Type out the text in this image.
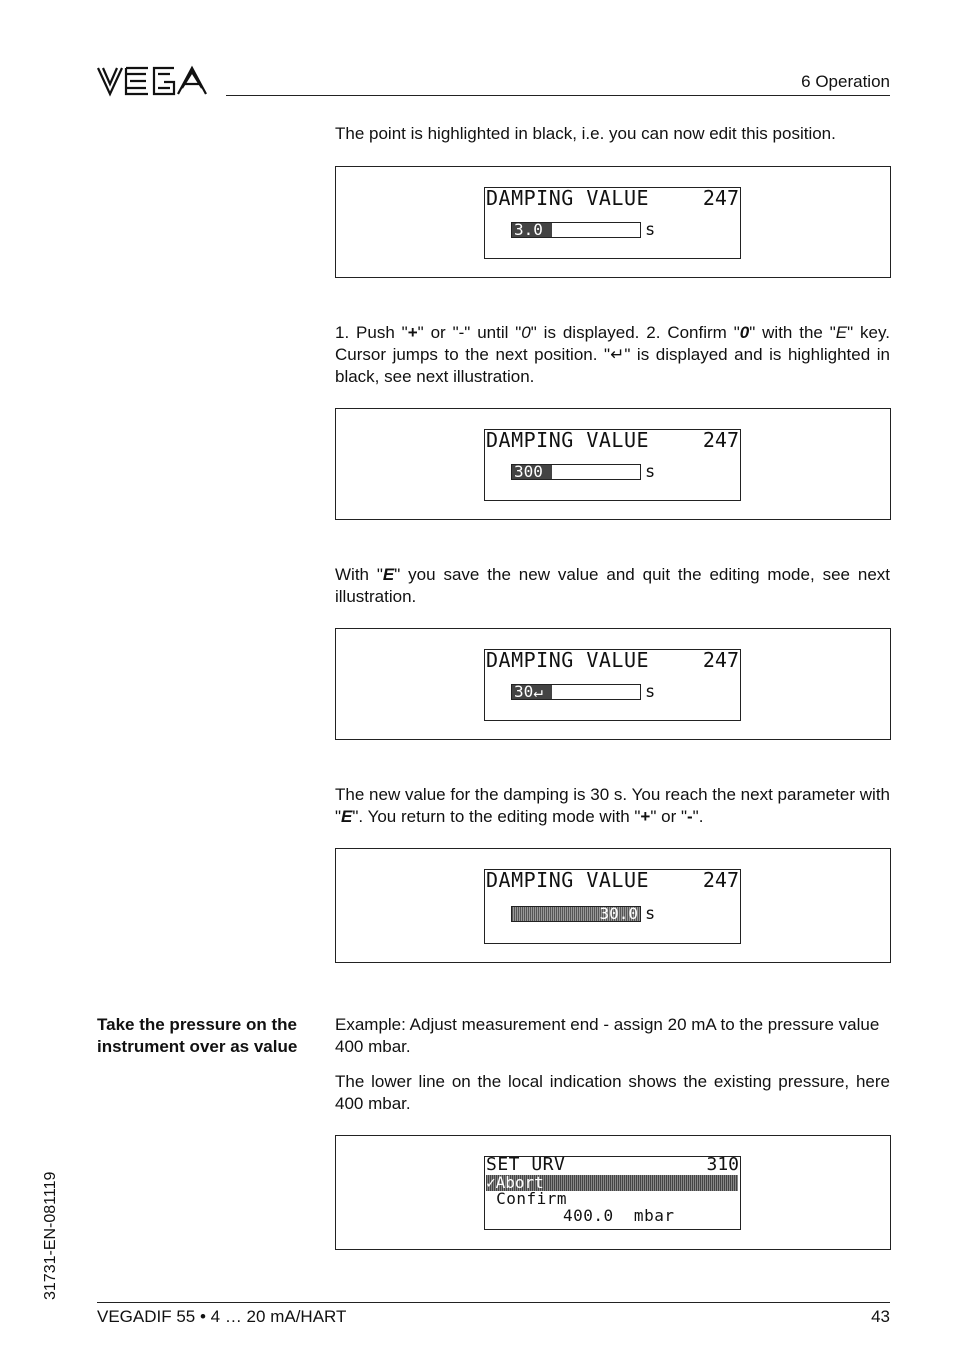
VEGA
6 Operation
The point is highlighted in black, i.e. you can now edit this position.
DAMPING VALUE	247
3.0	s
1. Push "+" or "-" until "0" is displayed. 2. Confirm "0" with the "E" key. Cursor jumps to the next position. "↵" is displayed and is highlighted in black, see next illustration.
DAMPING VALUE	247
300	s
With "E" you save the new value and quit the editing mode, see next illustration.
DAMPING VALUE	247
30↵	s
The new value for the damping is 30 s. You reach the next parameter with "E". You return to the editing mode with "+" or "-".
DAMPING VALUE	247
30.0 s
Take the pressure on the instrument over as value
Example: Adjust measurement end - assign 20 mA to the pressure value 400 mbar.
The lower line on the local indication shows the existing pressure, here 400 mbar.
SET URV	310
✓Abort
Confirm
400.0  mbar
31731-EN-081119
VEGADIF 55 • 4 … 20 mA/HART	43
